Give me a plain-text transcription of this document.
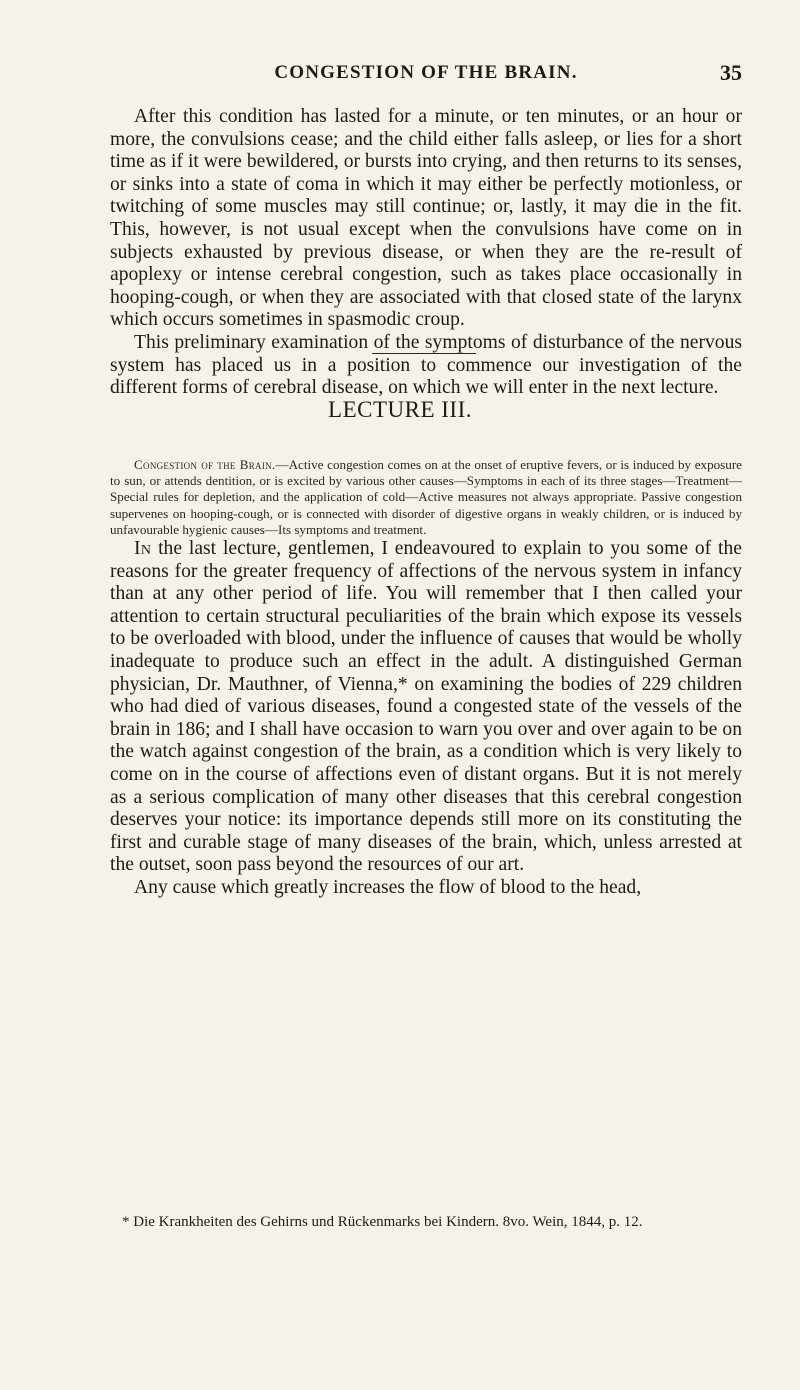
CONGESTION OF THE BRAIN.	35

After this condition has lasted for a minute, or ten minutes, or an hour or more, the convulsions cease; and the child either falls asleep, or lies for a short time as if it were bewildered, or bursts into crying, and then returns to its senses, or sinks into a state of coma in which it may either be perfectly motionless, or twitching of some muscles may still continue; or, lastly, it may die in the fit. This, however, is not usual except when the convulsions have come on in subjects exhausted by previous disease, or when they are the re-result of apoplexy or intense cerebral congestion, such as takes place occasionally in hooping-cough, or when they are associated with that closed state of the larynx which occurs sometimes in spasmodic croup.

This preliminary examination of the symptoms of disturbance of the nervous system has placed us in a position to commence our investigation of the different forms of cerebral disease, on which we will enter in the next lecture.

LECTURE III.
Congestion of the Brain.—Active congestion comes on at the onset of eruptive fevers, or is induced by exposure to sun, or attends dentition, or is excited by various other causes—Symptoms in each of its three stages—Treatment—Special rules for depletion, and the application of cold—Active measures not always appropriate. Passive congestion supervenes on hooping-cough, or is connected with disorder of digestive organs in weakly children, or is induced by unfavourable hygienic causes—Its symptoms and treatment.

In the last lecture, gentlemen, I endeavoured to explain to you some of the reasons for the greater frequency of affections of the nervous system in infancy than at any other period of life. You will remember that I then called your attention to certain structural peculiarities of the brain which expose its vessels to be overloaded with blood, under the influence of causes that would be wholly inadequate to produce such an effect in the adult. A distinguished German physician, Dr. Mauthner, of Vienna,* on examining the bodies of 229 children who had died of various diseases, found a congested state of the vessels of the brain in 186; and I shall have occasion to warn you over and over again to be on the watch against congestion of the brain, as a condition which is very likely to come on in the course of affections even of distant organs. But it is not merely as a serious complication of many other diseases that this cerebral congestion deserves your notice: its importance depends still more on its constituting the first and curable stage of many diseases of the brain, which, unless arrested at the outset, soon pass beyond the resources of our art.

Any cause which greatly increases the flow of blood to the head,

* Die Krankheiten des Gehirns und Rückenmarks bei Kindern. 8vo. Wein, 1844, p. 12.
